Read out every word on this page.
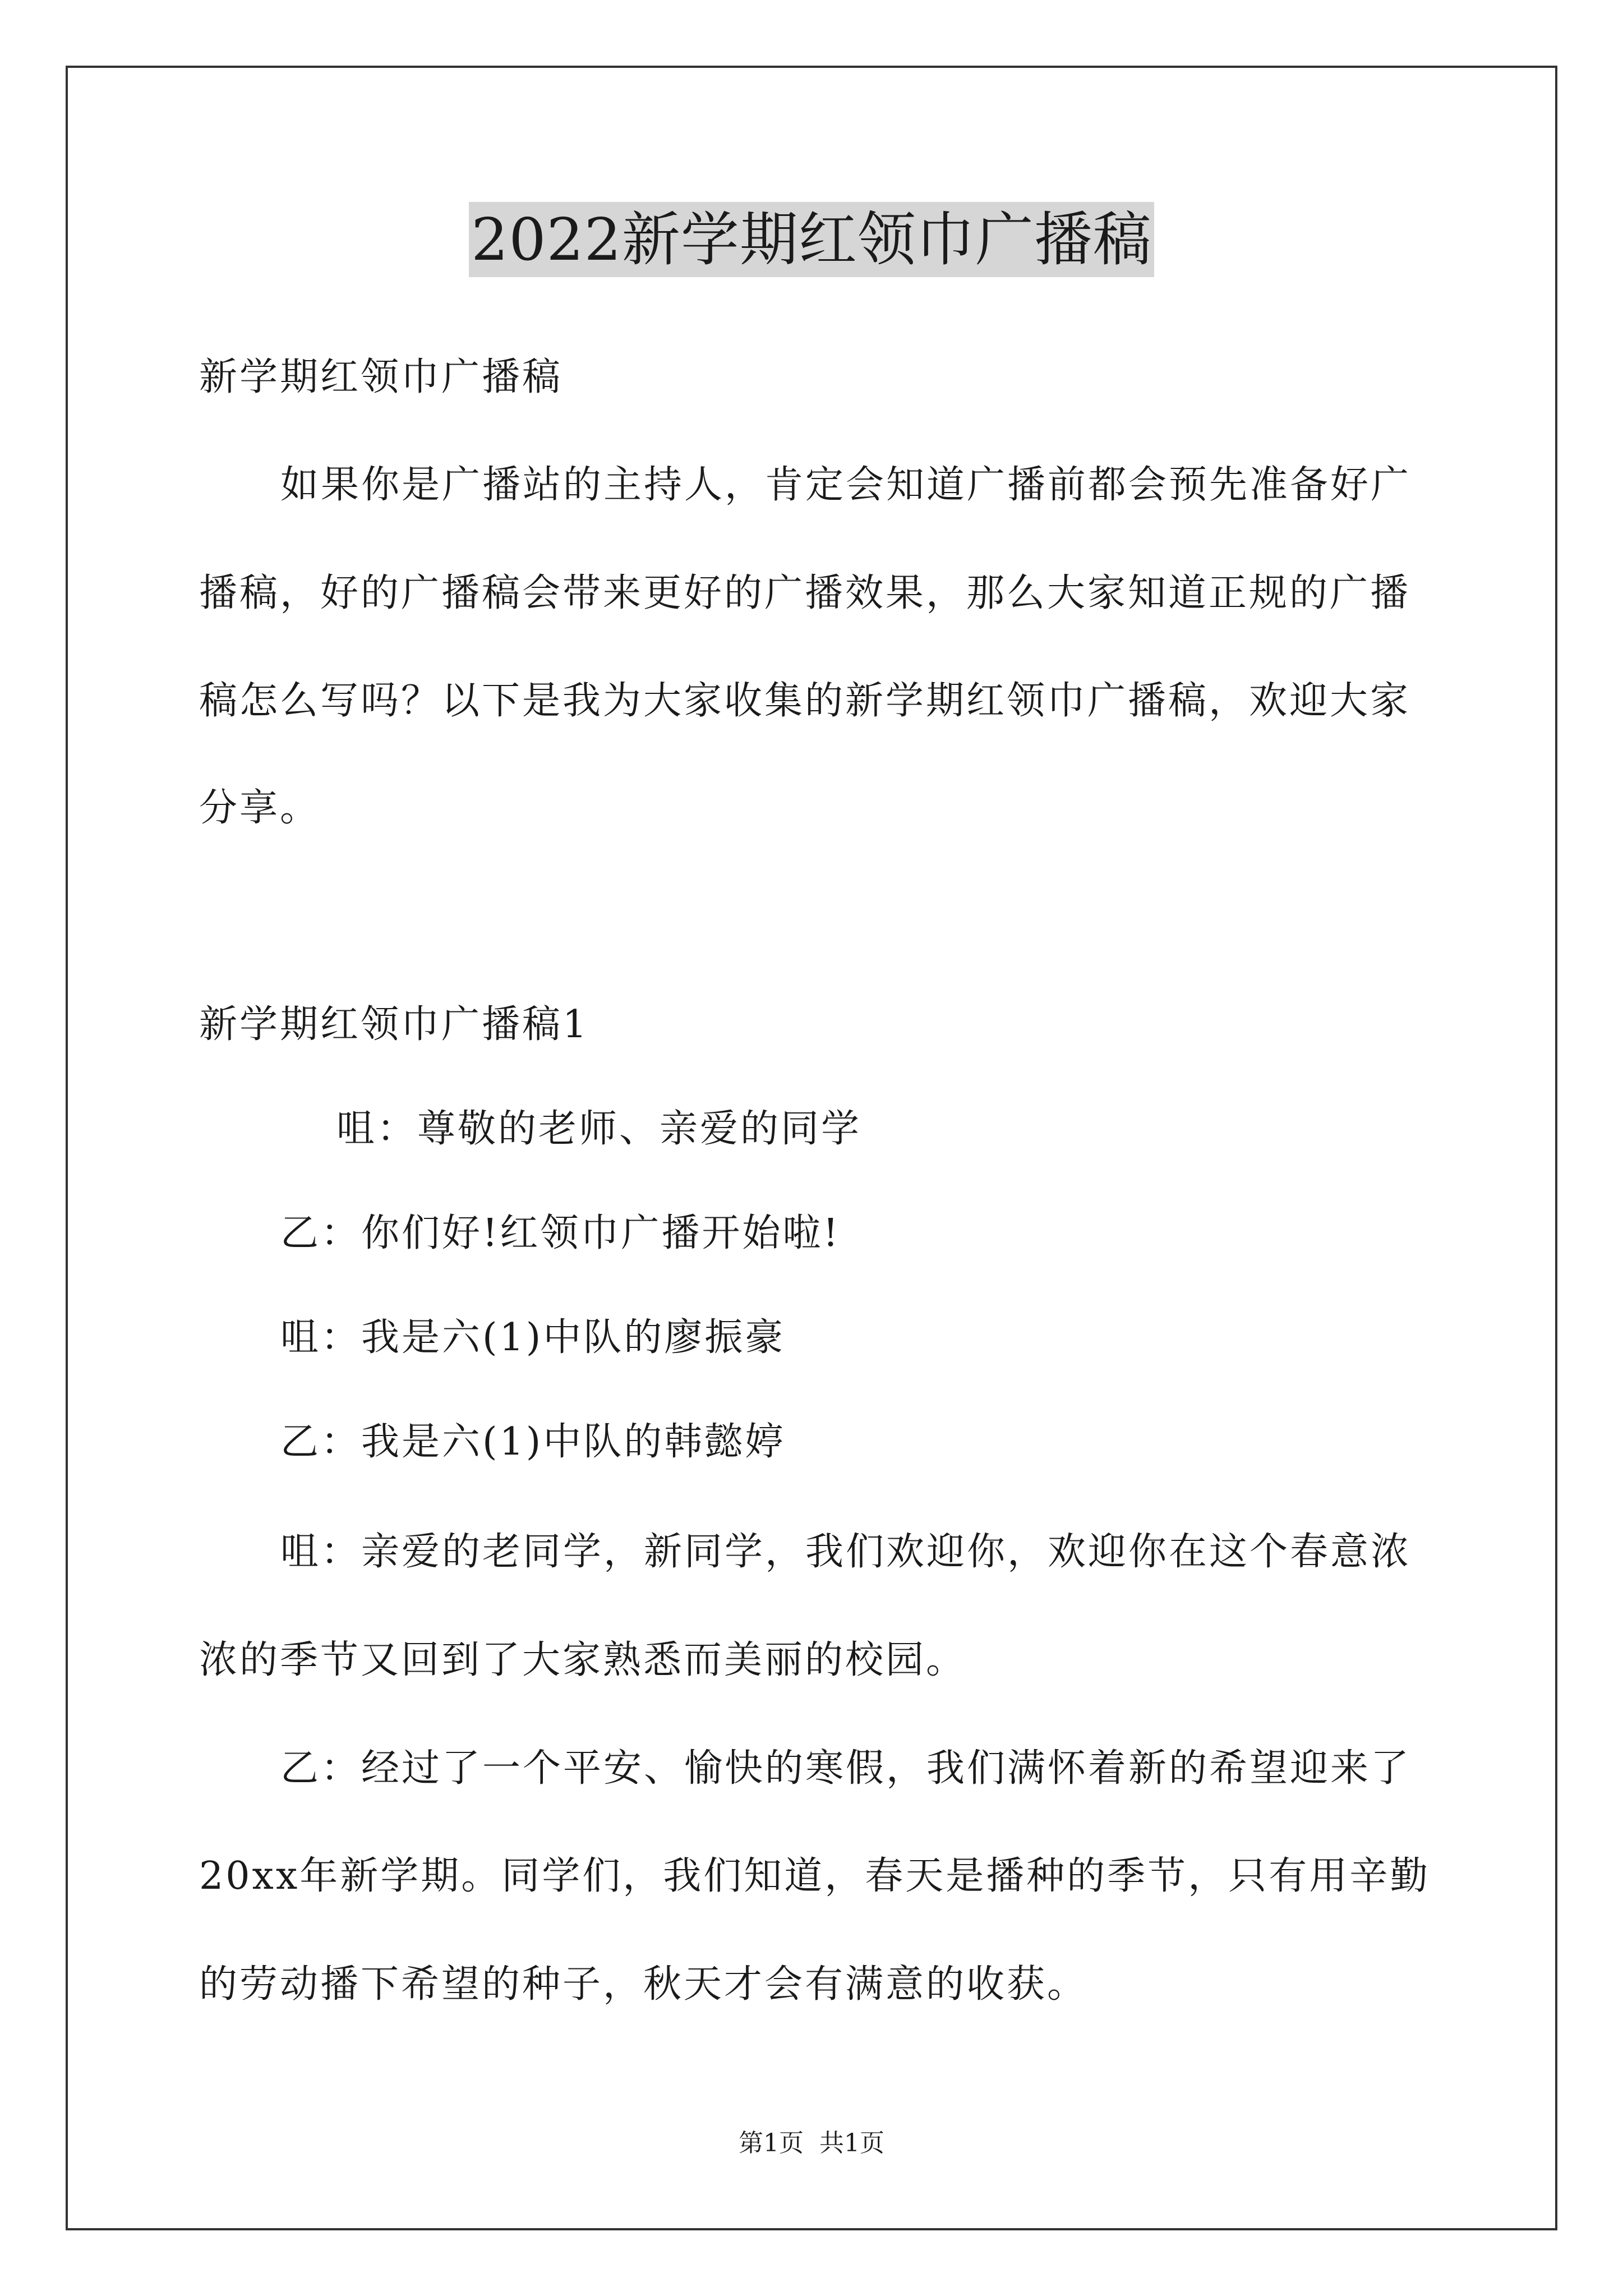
2022新学期红领巾广播稿
新学期红领巾广播稿
如果你是广播站的主持人，肯定会知道广播前都会预先准备好广
播稿，好的广播稿会带来更好的广播效果，那么大家知道正规的广播
稿怎么写吗？以下是我为大家收集的新学期红领巾广播稿，欢迎大家
分享。
新学期红领巾广播稿1
咀：尊敬的老师、亲爱的同学
乙：你们好!红领巾广播开始啦!
咀：我是六(1)中队的廖振豪
乙：我是六(1)中队的韩懿婷
咀：亲爱的老同学，新同学，我们欢迎你，欢迎你在这个春意浓
浓的季节又回到了大家熟悉而美丽的校园。
乙：经过了一个平安、愉快的寒假，我们满怀着新的希望迎来了
20xx年新学期。同学们，我们知道，春天是播种的季节，只有用辛勤
的劳动播下希望的种子，秋天才会有满意的收获。
第1页 共1页
